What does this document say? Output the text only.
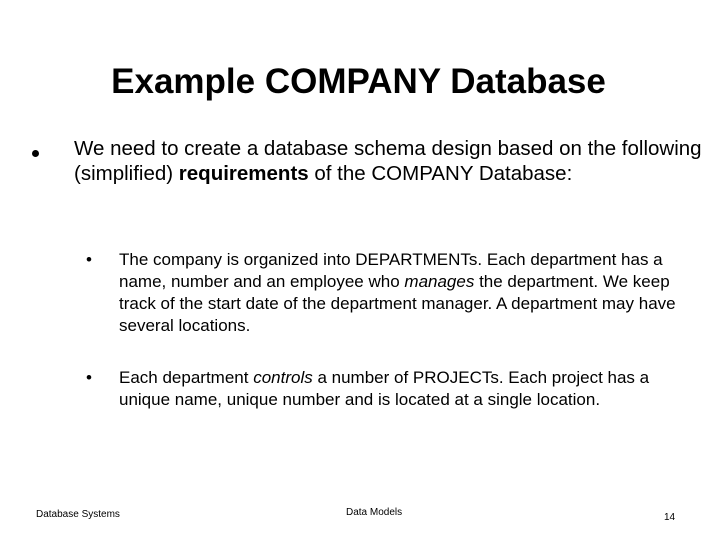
Example COMPANY Database
We need to create a database schema design based on the following (simplified) requirements of the COMPANY Database:
• The company is organized into DEPARTMENTs. Each department has a name, number and an employee who manages the department. We keep track of the start date of the department manager. A department may have several locations.
• Each department controls a number of PROJECTs. Each project has a unique name, unique number and is located at a single location.
Database Systems	Data Models	14
